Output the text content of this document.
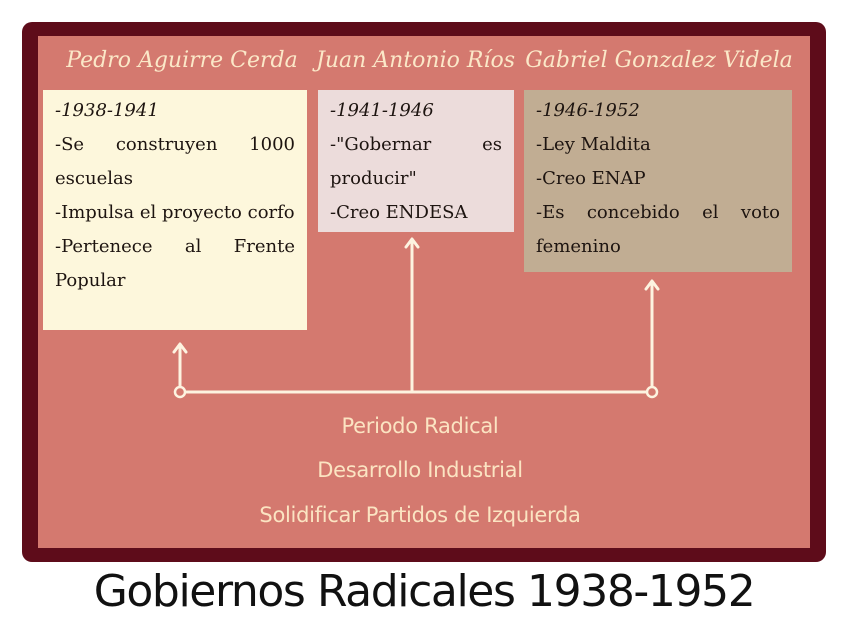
Pedro Aguirre Cerda Juan Antonio Ríos Gabriel Gonzalez Videla
-1938-1941
-Se construyen 1000 escuelas
-Impulsa el proyecto corfo
-Pertenece al Frente Popular
-1941-1946
-"Gobernar es producir"
-Creo ENDESA
-1946-1952
-Ley Maldita
-Creo ENAP
-Es concebido el voto femenino
Periodo Radical
Desarrollo Industrial
Solidificar Partidos de Izquierda
Gobiernos Radicales 1938-1952
